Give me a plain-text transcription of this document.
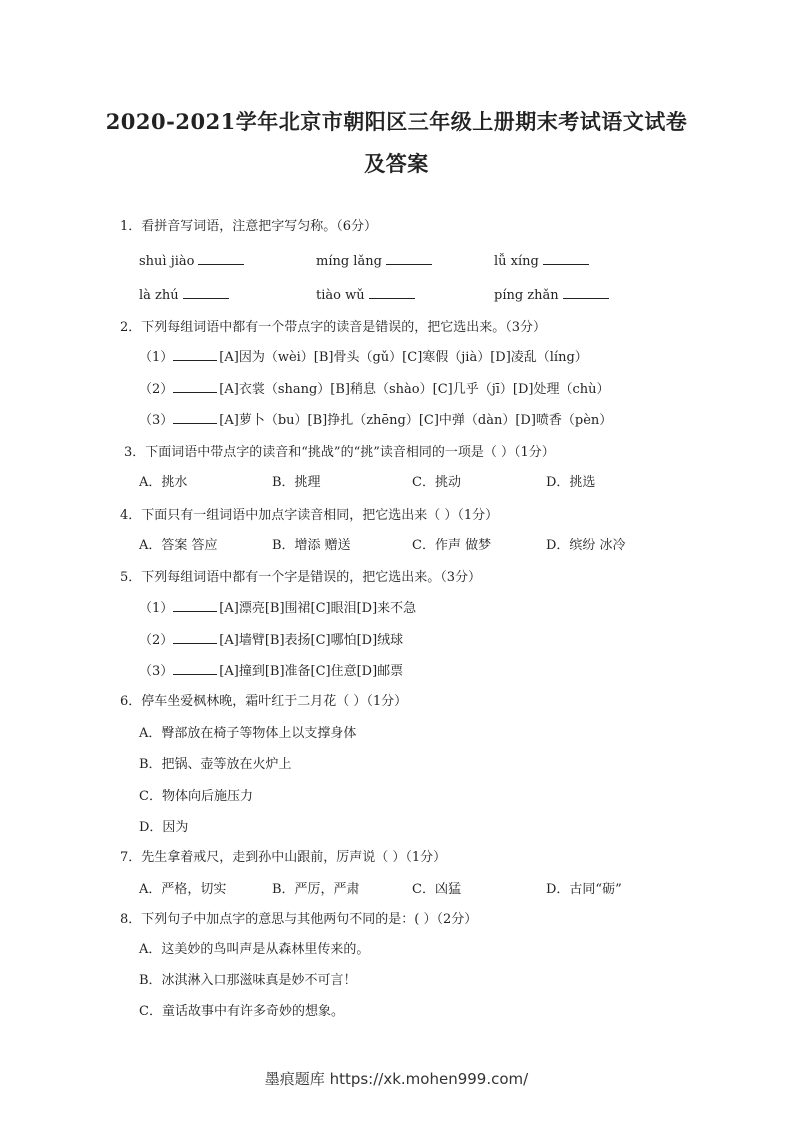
2020-2021学年北京市朝阳区三年级上册期末考试语文试卷
及答案
1．看拼音写词语，注意把字写匀称。（6分）
shuì jiào	míng lǎng	lǚ xíng
là zhú	tiào wǔ	píng zhǎn
2．下列每组词语中都有一个带点字的读音是错误的，把它选出来。（3分）
（1）	[A]因为（wèi）[B]骨头（gǔ）[C]寒假（jià）[D]凌乱（líng）
（2）	[A]衣裳（shang）[B]稍息（shào）[C]几乎（jī）[D]处理（chù）
（3）	[A]萝卜（bu）[B]挣扎（zhēng）[C]中弹（dàn）[D]喷香（pèn）
3．下面词语中带点字的读音和“挑战”的“挑”读音相同的一项是（ ）（1分）
A．挑水	B．挑理	C．挑动	D．挑选
4．下面只有一组词语中加点字读音相同，把它选出来（ ）（1分）
A．答案 答应	B．增添 赠送	C．作声 做梦	D．缤纷 冰冷
5．下列每组词语中都有一个字是错误的，把它选出来。（3分）
（1）	[A]漂亮[B]围裙[C]眼泪[D]来不急
（2）	[A]墙臂[B]表扬[C]哪怕[D]绒球
（3）	[A]撞到[B]准备[C]住意[D]邮票
6．停车坐爱枫林晚，霜叶红于二月花（ ）（1分）
A．臀部放在椅子等物体上以支撑身体
B．把锅、壶等放在火炉上
C．物体向后施压力
D．因为
7．先生拿着戒尺，走到孙中山跟前，厉声说（ ）（1分）
A．严格，切实	B．严厉，严肃	C．凶猛	D．古同“砺”
8．下列句子中加点字的意思与其他两句不同的是：( ）（2分）
A．这美妙的鸟叫声是从森林里传来的。
B．冰淇淋入口那滋味真是妙不可言！
C．童话故事中有许多奇妙的想象。
墨痕题库 https://xk.mohen999.com/
